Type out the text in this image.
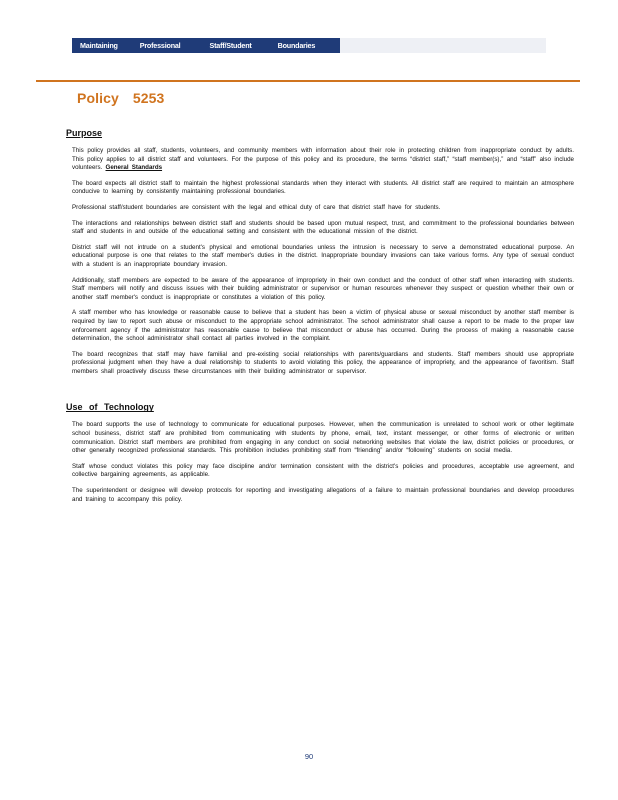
Maintaining	Professional	Staff/Student	Boundaries
Policy 5253
Purpose

This policy provides all staff, students, volunteers, and community members with information about their role in protecting children from inappropriate conduct by adults. This policy applies to all district staff and volunteers. For the purpose of this policy and its procedure, the terms “district staff,” “staff member(s),” and “staff” also include volunteers. General Standards

The board expects all district staff to maintain the highest professional standards when they interact with students. All district staff are required to maintain an atmosphere conducive to learning by consistently maintaining professional boundaries.

Professional staff/student boundaries are consistent with the legal and ethical duty of care that district staff have for students.

The interactions and relationships between district staff and students should be based upon mutual respect, trust, and commitment to the professional boundaries between staff and students in and outside of the educational setting and consistent with the educational mission of the district.

District staff will not intrude on a student's physical and emotional boundaries unless the intrusion is necessary to serve a demonstrated educational purpose. An educational purpose is one that relates to the staff member's duties in the district. Inappropriate boundary invasions can take various forms. Any type of sexual conduct with a student is an inappropriate boundary invasion.

Additionally, staff members are expected to be aware of the appearance of impropriety in their own conduct and the conduct of other staff when interacting with students. Staff members will notify and discuss issues with their building administrator or supervisor or human resources whenever they suspect or question whether their own or another staff member's conduct is inappropriate or constitutes a violation of this policy.

A staff member who has knowledge or reasonable cause to believe that a student has been a victim of physical abuse or sexual misconduct by another staff member is required by law to report such abuse or misconduct to the appropriate school administrator. The school administrator shall cause a report to be made to the proper law enforcement agency if the administrator has reasonable cause to believe that misconduct or abuse has occurred. During the process of making a reasonable cause determination, the school administrator shall contact all parties involved in the complaint.

The board recognizes that staff may have familial and pre-existing social relationships with parents/guardians and students. Staff members should use appropriate professional judgment when they have a dual relationship to students to avoid violating this policy, the appearance of impropriety, and the appearance of favoritism. Staff members shall proactively discuss these circumstances with their building administrator or supervisor.

Use of Technology

The board supports the use of technology to communicate for educational purposes. However, when the communication is unrelated to school work or other legitimate school business, district staff are prohibited from communicating with students by phone, email, text, instant messenger, or other forms of electronic or written communication. District staff members are prohibited from engaging in any conduct on social networking websites that violate the law, district policies or procedures, or other generally recognized professional standards. This prohibition includes prohibiting staff from “friending” and/or “following” students on social media.

Staff whose conduct violates this policy may face discipline and/or termination consistent with the district's policies and procedures, acceptable use agreement, and collective bargaining agreements, as applicable.

The superintendent or designee will develop protocols for reporting and investigating allegations of a failure to maintain professional boundaries and develop procedures and training to accompany this policy.

90
